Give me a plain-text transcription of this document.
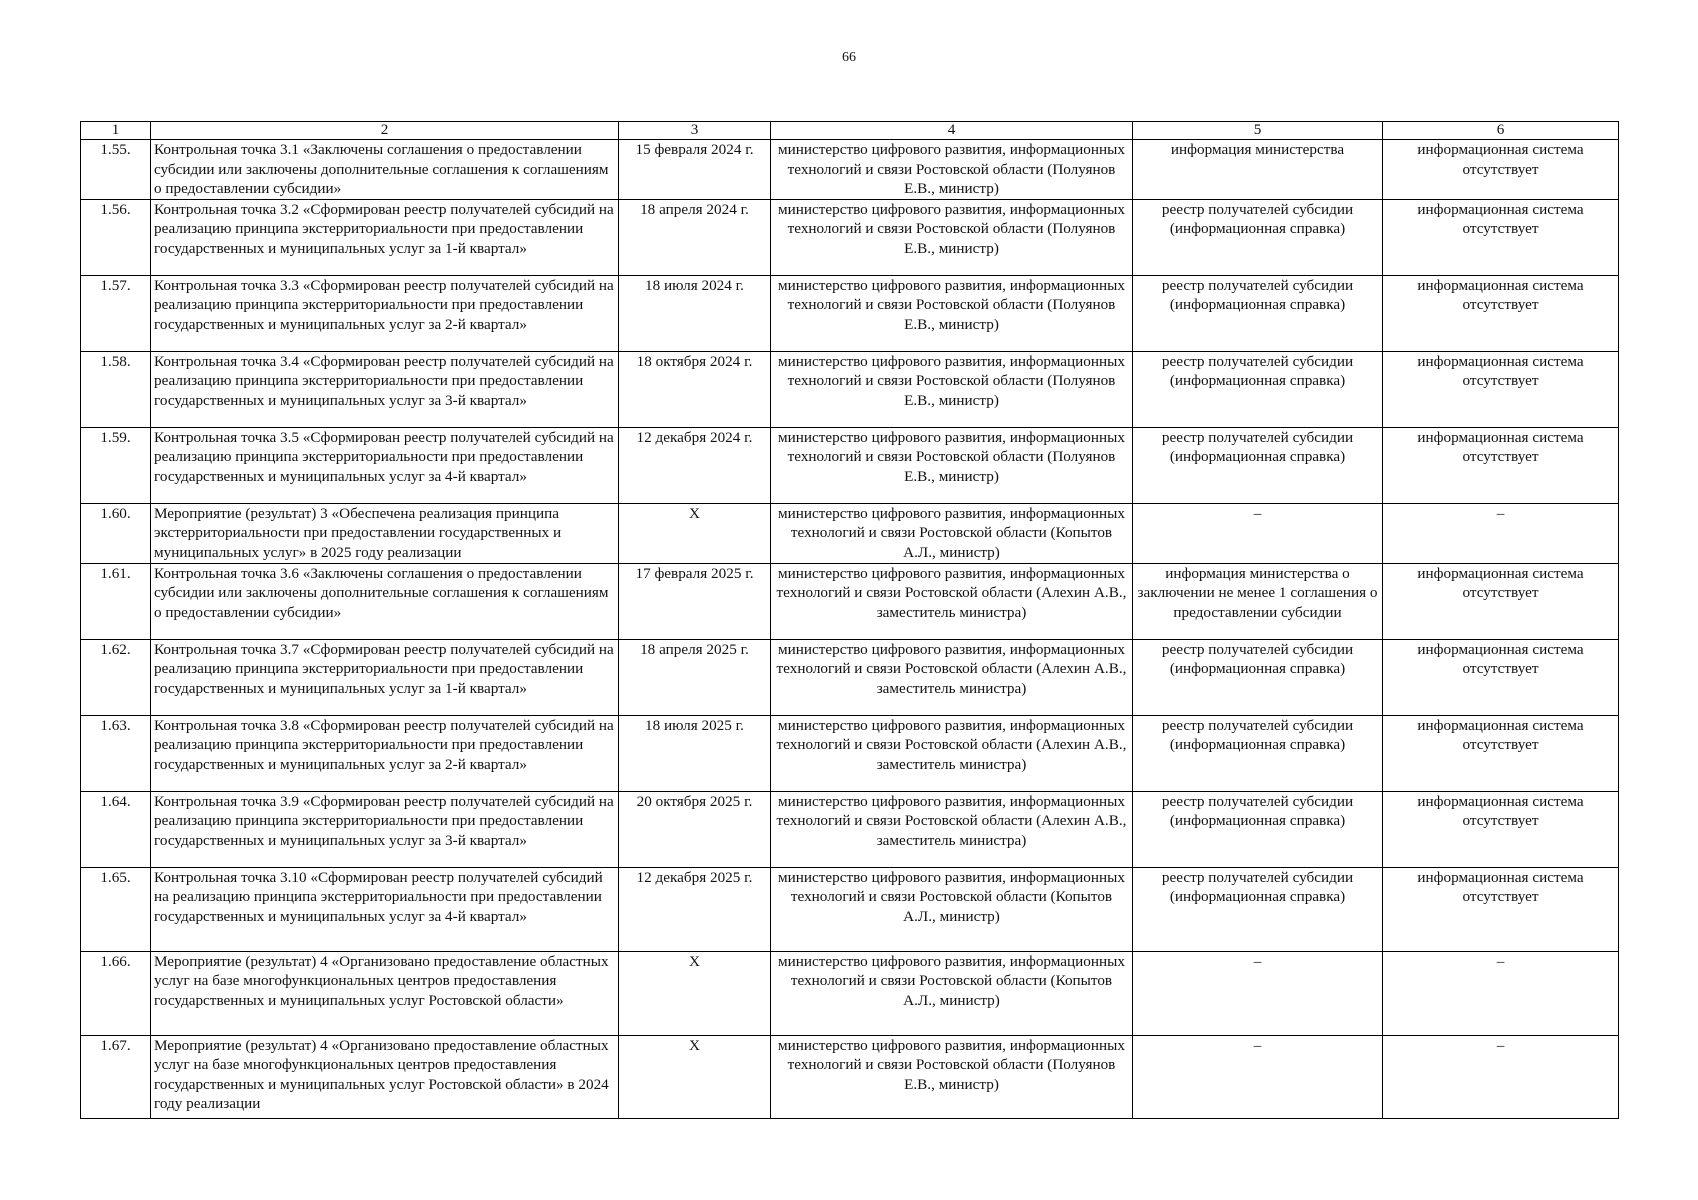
66
1	2	3	4	5	6
1.55.	Контрольная точка 3.1 «Заключены соглашения о предоставлении субсидии или заключены дополнительные соглашения к соглашениям о предоставлении субсидии»	15 февраля 2024 г.	министерство цифрового развития, информационных технологий и связи Ростовской области (Полуянов Е.В., министр)	информация министерства	информационная система отсутствует
1.56.	Контрольная точка 3.2 «Сформирован реестр получателей субсидий на реализацию принципа экстерриториальности при предоставлении государственных и муниципальных услуг за 1-й квартал»	18 апреля 2024 г.	министерство цифрового развития, информационных технологий и связи Ростовской области (Полуянов Е.В., министр)	реестр получателей субсидии (информационная справка)	информационная система отсутствует
1.57.	Контрольная точка 3.3 «Сформирован реестр получателей субсидий на реализацию принципа экстерриториальности при предоставлении государственных и муниципальных услуг за 2-й квартал»	18 июля 2024 г.	министерство цифрового развития, информационных технологий и связи Ростовской области (Полуянов Е.В., министр)	реестр получателей субсидии (информационная справка)	информационная система отсутствует
1.58.	Контрольная точка 3.4 «Сформирован реестр получателей субсидий на реализацию принципа экстерриториальности при предоставлении государственных и муниципальных услуг за 3-й квартал»	18 октября 2024 г.	министерство цифрового развития, информационных технологий и связи Ростовской области (Полуянов Е.В., министр)	реестр получателей субсидии (информационная справка)	информационная система отсутствует
1.59.	Контрольная точка 3.5 «Сформирован реестр получателей субсидий на реализацию принципа экстерриториальности при предоставлении государственных и муниципальных услуг за 4-й квартал»	12 декабря 2024 г.	министерство цифрового развития, информационных технологий и связи Ростовской области (Полуянов Е.В., министр)	реестр получателей субсидии (информационная справка)	информационная система отсутствует
1.60.	Мероприятие (результат) 3 «Обеспечена реализация принципа экстерриториальности при предоставлении государственных и муниципальных услуг» в 2025 году реализации	X	министерство цифрового развития, информационных технологий и связи Ростовской области (Копытов А.Л., министр)	–	–
1.61.	Контрольная точка 3.6 «Заключены соглашения о предоставлении субсидии или заключены дополнительные соглашения к соглашениям о предоставлении субсидии»	17 февраля 2025 г.	министерство цифрового развития, информационных технологий и связи Ростовской области (Алехин А.В., заместитель министра)	информация министерства о заключении не менее 1 соглашения о предоставлении субсидии	информационная система отсутствует
1.62.	Контрольная точка 3.7 «Сформирован реестр получателей субсидий на реализацию принципа экстерриториальности при предоставлении государственных и муниципальных услуг за 1-й квартал»	18 апреля 2025 г.	министерство цифрового развития, информационных технологий и связи Ростовской области (Алехин А.В., заместитель министра)	реестр получателей субсидии (информационная справка)	информационная система отсутствует
1.63.	Контрольная точка 3.8 «Сформирован реестр получателей субсидий на реализацию принципа экстерриториальности при предоставлении государственных и муниципальных услуг за 2-й квартал»	18 июля 2025 г.	министерство цифрового развития, информационных технологий и связи Ростовской области (Алехин А.В., заместитель министра)	реестр получателей субсидии (информационная справка)	информационная система отсутствует
1.64.	Контрольная точка 3.9 «Сформирован реестр получателей субсидий на реализацию принципа экстерриториальности при предоставлении государственных и муниципальных услуг за 3-й квартал»	20 октября 2025 г.	министерство цифрового развития, информационных технологий и связи Ростовской области (Алехин А.В., заместитель министра)	реестр получателей субсидии (информационная справка)	информационная система отсутствует
1.65.	Контрольная точка 3.10 «Сформирован реестр получателей субсидий на реализацию принципа экстерриториальности при предоставлении государственных и муниципальных услуг за 4-й квартал»	12 декабря 2025 г.	министерство цифрового развития, информационных технологий и связи Ростовской области (Копытов А.Л., министр)	реестр получателей субсидии (информационная справка)	информационная система отсутствует
1.66.	Мероприятие (результат) 4 «Организовано предоставление областных услуг на базе многофункциональных центров предоставления государственных и муниципальных услуг Ростовской области»	X	министерство цифрового развития, информационных технологий и связи Ростовской области (Копытов А.Л., министр)	–	–
1.67.	Мероприятие (результат) 4 «Организовано предоставление областных услуг на базе многофункциональных центров предоставления государственных и муниципальных услуг Ростовской области» в 2024 году реализации	X	министерство цифрового развития, информационных технологий и связи Ростовской области (Полуянов Е.В., министр)	–	–
